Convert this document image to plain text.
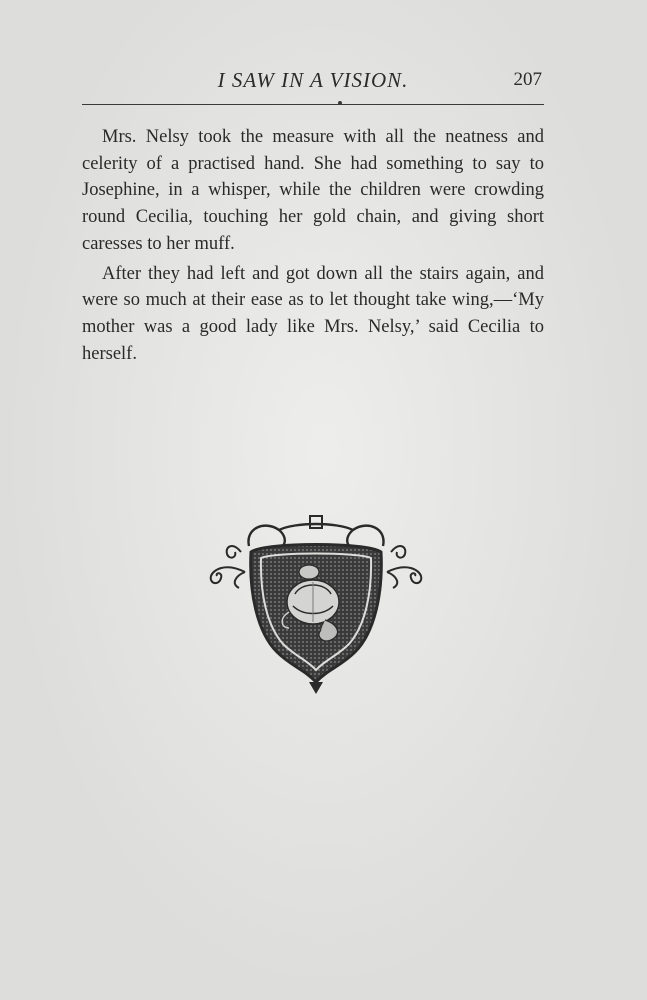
I SAW IN A VISION.	207

Mrs. Nelsy took the measure with all the neatness and celerity of a practised hand. She had something to say to Josephine, in a whisper, while the children were crowding round Cecilia, touching her gold chain, and giving short caresses to her muff.

After they had left and got down all the stairs again, and were so much at their ease as to let thought take wing,—‘My mother was a good lady like Mrs. Nelsy,’ said Cecilia to herself.
